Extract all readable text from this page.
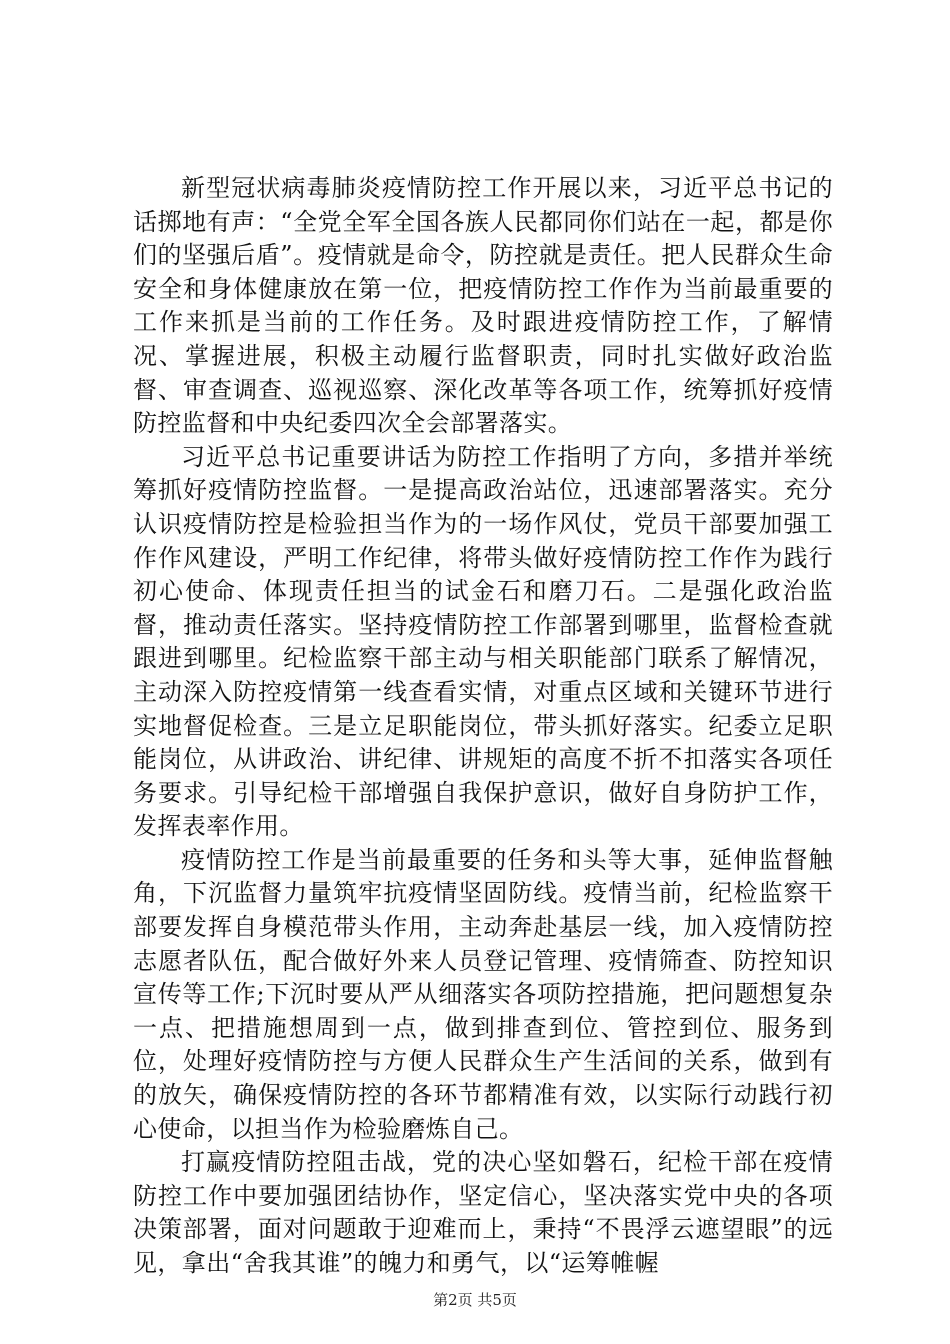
新型冠状病毒肺炎疫情防控工作开展以来，习近平总书记的话掷地有声：“全党全军全国各族人民都同你们站在一起，都是你们的坚强后盾”。疫情就是命令，防控就是责任。把人民群众生命安全和身体健康放在第一位，把疫情防控工作作为当前最重要的工作来抓是当前的工作任务。及时跟进疫情防控工作，了解情况、掌握进展，积极主动履行监督职责，同时扎实做好政治监督、审查调查、巡视巡察、深化改革等各项工作，统筹抓好疫情防控监督和中央纪委四次全会部署落实。

习近平总书记重要讲话为防控工作指明了方向，多措并举统筹抓好疫情防控监督。一是提高政治站位，迅速部署落实。充分认识疫情防控是检验担当作为的一场作风仗，党员干部要加强工作作风建设，严明工作纪律，将带头做好疫情防控工作作为践行初心使命、体现责任担当的试金石和磨刀石。二是强化政治监督，推动责任落实。坚持疫情防控工作部署到哪里，监督检查就跟进到哪里。纪检监察干部主动与相关职能部门联系了解情况，主动深入防控疫情第一线查看实情，对重点区域和关键环节进行实地督促检查。三是立足职能岗位，带头抓好落实。纪委立足职能岗位，从讲政治、讲纪律、讲规矩的高度不折不扣落实各项任务要求。引导纪检干部增强自我保护意识，做好自身防护工作，发挥表率作用。

疫情防控工作是当前最重要的任务和头等大事，延伸监督触角，下沉监督力量筑牢抗疫情坚固防线。疫情当前，纪检监察干部要发挥自身模范带头作用，主动奔赴基层一线，加入疫情防控志愿者队伍，配合做好外来人员登记管理、疫情筛查、防控知识宣传等工作;下沉时要从严从细落实各项防控措施，把问题想复杂一点、把措施想周到一点，做到排查到位、管控到位、服务到位，处理好疫情防控与方便人民群众生产生活间的关系，做到有的放矢，确保疫情防控的各环节都精准有效，以实际行动践行初心使命，以担当作为检验磨炼自己。

打赢疫情防控阻击战，党的决心坚如磐石，纪检干部在疫情防控工作中要加强团结协作，坚定信心，坚决落实党中央的各项决策部署，面对问题敢于迎难而上，秉持“不畏浮云遮望眼”的远见，拿出“舍我其谁”的魄力和勇气，以“运筹帷幄

第2页 共5页
